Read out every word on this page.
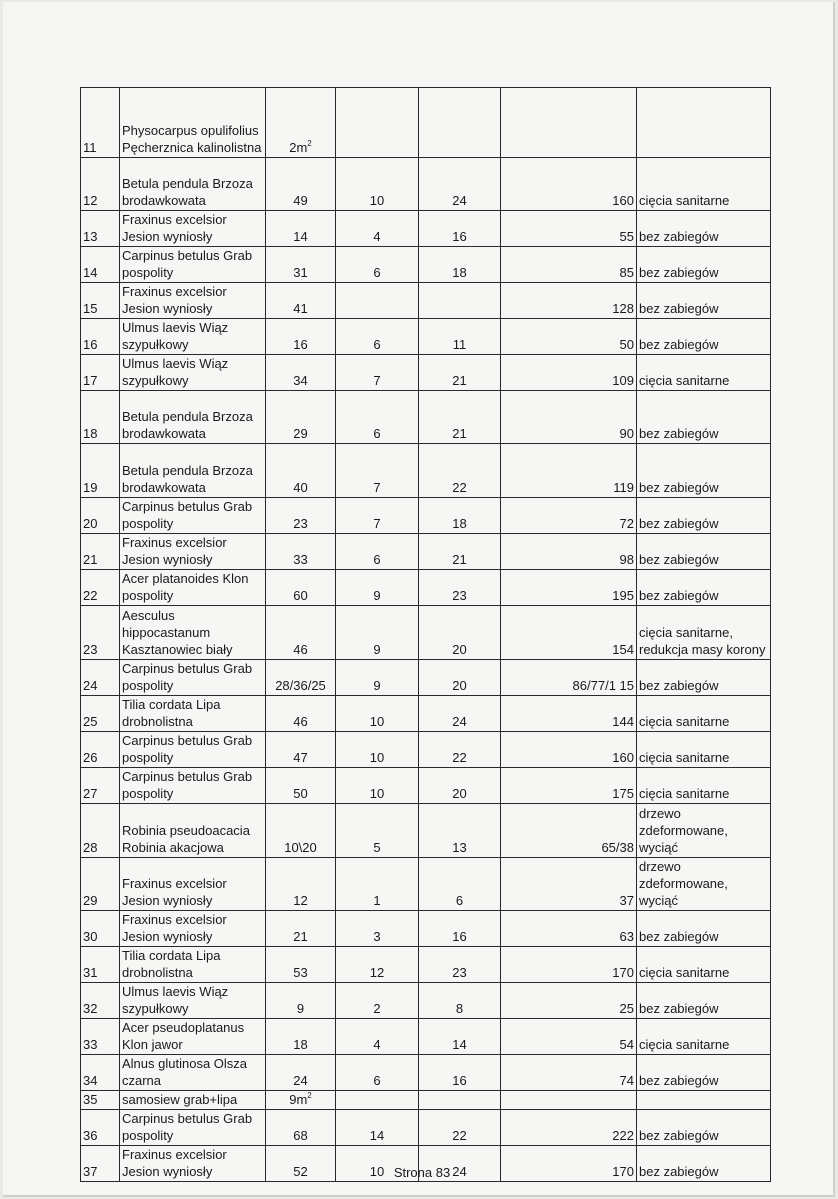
11	Physocarpus opulifolius Pęcherznica kalinolistna	$2m^2$				
12	Betula pendula Brzoza brodawkowata	49	10	24	160	cięcia sanitarne
13	Fraxinus excelsior Jesion wyniosły	14	4	16	55	bez zabiegów
14	Carpinus betulus Grab pospolity	31	6	18	85	bez zabiegów
15	Fraxinus excelsior Jesion wyniosły	41			128	bez zabiegów
16	Ulmus laevis Wiąz szypułkowy	16	6	11	50	bez zabiegów
17	Ulmus laevis Wiąz szypułkowy	34	7	21	109	cięcia sanitarne
18	Betula pendula Brzoza brodawkowata	29	6	21	90	bez zabiegów
19	Betula pendula Brzoza brodawkowata	40	7	22	119	bez zabiegów
20	Carpinus betulus Grab pospolity	23	7	18	72	bez zabiegów
21	Fraxinus excelsior Jesion wyniosły	33	6	21	98	bez zabiegów
22	Acer platanoides Klon pospolity	60	9	23	195	bez zabiegów
23	Aesculus hippocastanum Kasztanowiec biały	46	9	20	154	cięcia sanitarne, redukcja masy korony
24	Carpinus betulus Grab pospolity	28/36/25	9	20	86/77/1 15	bez zabiegów
25	Tilia cordata Lipa drobnolistna	46	10	24	144	cięcia sanitarne
26	Carpinus betulus Grab pospolity	47	10	22	160	cięcia sanitarne
27	Carpinus betulus Grab pospolity	50	10	20	175	cięcia sanitarne
28	Robinia pseudoacacia Robinia akacjowa	10\20	5	13	65/38	drzewo zdeformowane, wyciąć
29	Fraxinus excelsior Jesion wyniosły	12	1	6	37	drzewo zdeformowane, wyciąć
30	Fraxinus excelsior Jesion wyniosły	21	3	16	63	bez zabiegów
31	Tilia cordata Lipa drobnolistna	53	12	23	170	cięcia sanitarne
32	Ulmus laevis Wiąz szypułkowy	9	2	8	25	bez zabiegów
33	Acer pseudoplatanus Klon jawor	18	4	14	54	cięcia sanitarne
34	Alnus glutinosa Olsza czarna	24	6	16	74	bez zabiegów
35	samosiew grab+lipa	$9m^2$				
36	Carpinus betulus Grab pospolity	68	14	22	222	bez zabiegów
37	Fraxinus excelsior Jesion wyniosły	52	10	24	170	bez zabiegów
Strona 83
